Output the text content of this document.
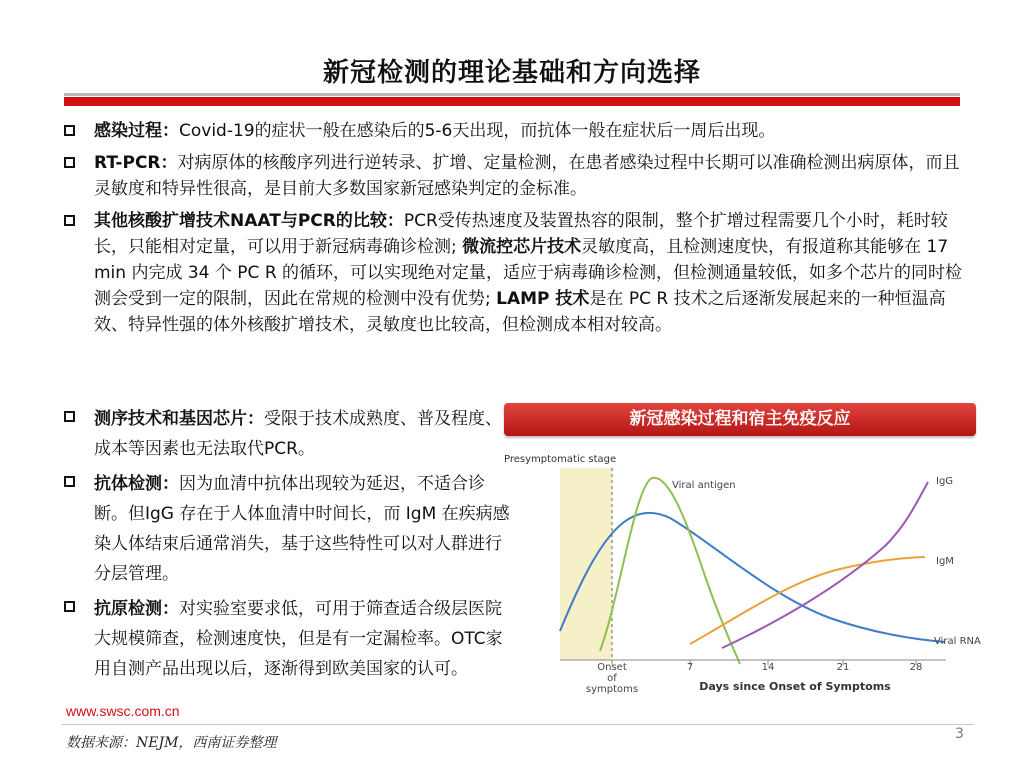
新冠检测的理论基础和方向选择
感染过程：Covid-19的症状一般在感染后的5-6天出现，而抗体一般在症状后一周后出现。
RT-PCR：对病原体的核酸序列进行逆转录、扩增、定量检测，在患者感染过程中长期可以准确检测出病原体，而且灵敏度和特异性很高，是目前大多数国家新冠感染判定的金标准。
其他核酸扩增技术NAAT与PCR的比较：PCR受传热速度及装置热容的限制，整个扩增过程需要几个小时，耗时较长，只能相对定量，可以用于新冠病毒确诊检测; 微流控芯片技术灵敏度高，且检测速度快，有报道称其能够在 17 min 内完成 34 个 PC R 的循环，可以实现绝对定量，适应于病毒确诊检测，但检测通量较低，如多个芯片的同时检测会受到一定的限制，因此在常规的检测中没有优势; LAMP 技术是在 PC R 技术之后逐渐发展起来的一种恒温高效、特异性强的体外核酸扩增技术，灵敏度也比较高，但检测成本相对较高。
测序技术和基因芯片：受限于技术成熟度、普及程度、成本等因素也无法取代PCR。
抗体检测：因为血清中抗体出现较为延迟，不适合诊断。但IgG 存在于人体血清中时间长，而 IgM 在疾病感染人体结束后通常消失，基于这些特性可以对人群进行分层管理。
抗原检测：对实验室要求低，可用于筛查适合级层医院大规模筛查，检测速度快，但是有一定漏检率。OTC家用自测产品出现以后，逐渐得到欧美国家的认可。
新冠感染过程和宿主免疫反应
Presymptomatic stage
Viral antigen	IgG
IgM
Viral RNA
Onset
of
symptoms
7	14	21	28
Days since Onset of Symptoms
www.swsc.com.cn
数据来源：NEJM，西南证券整理
3
